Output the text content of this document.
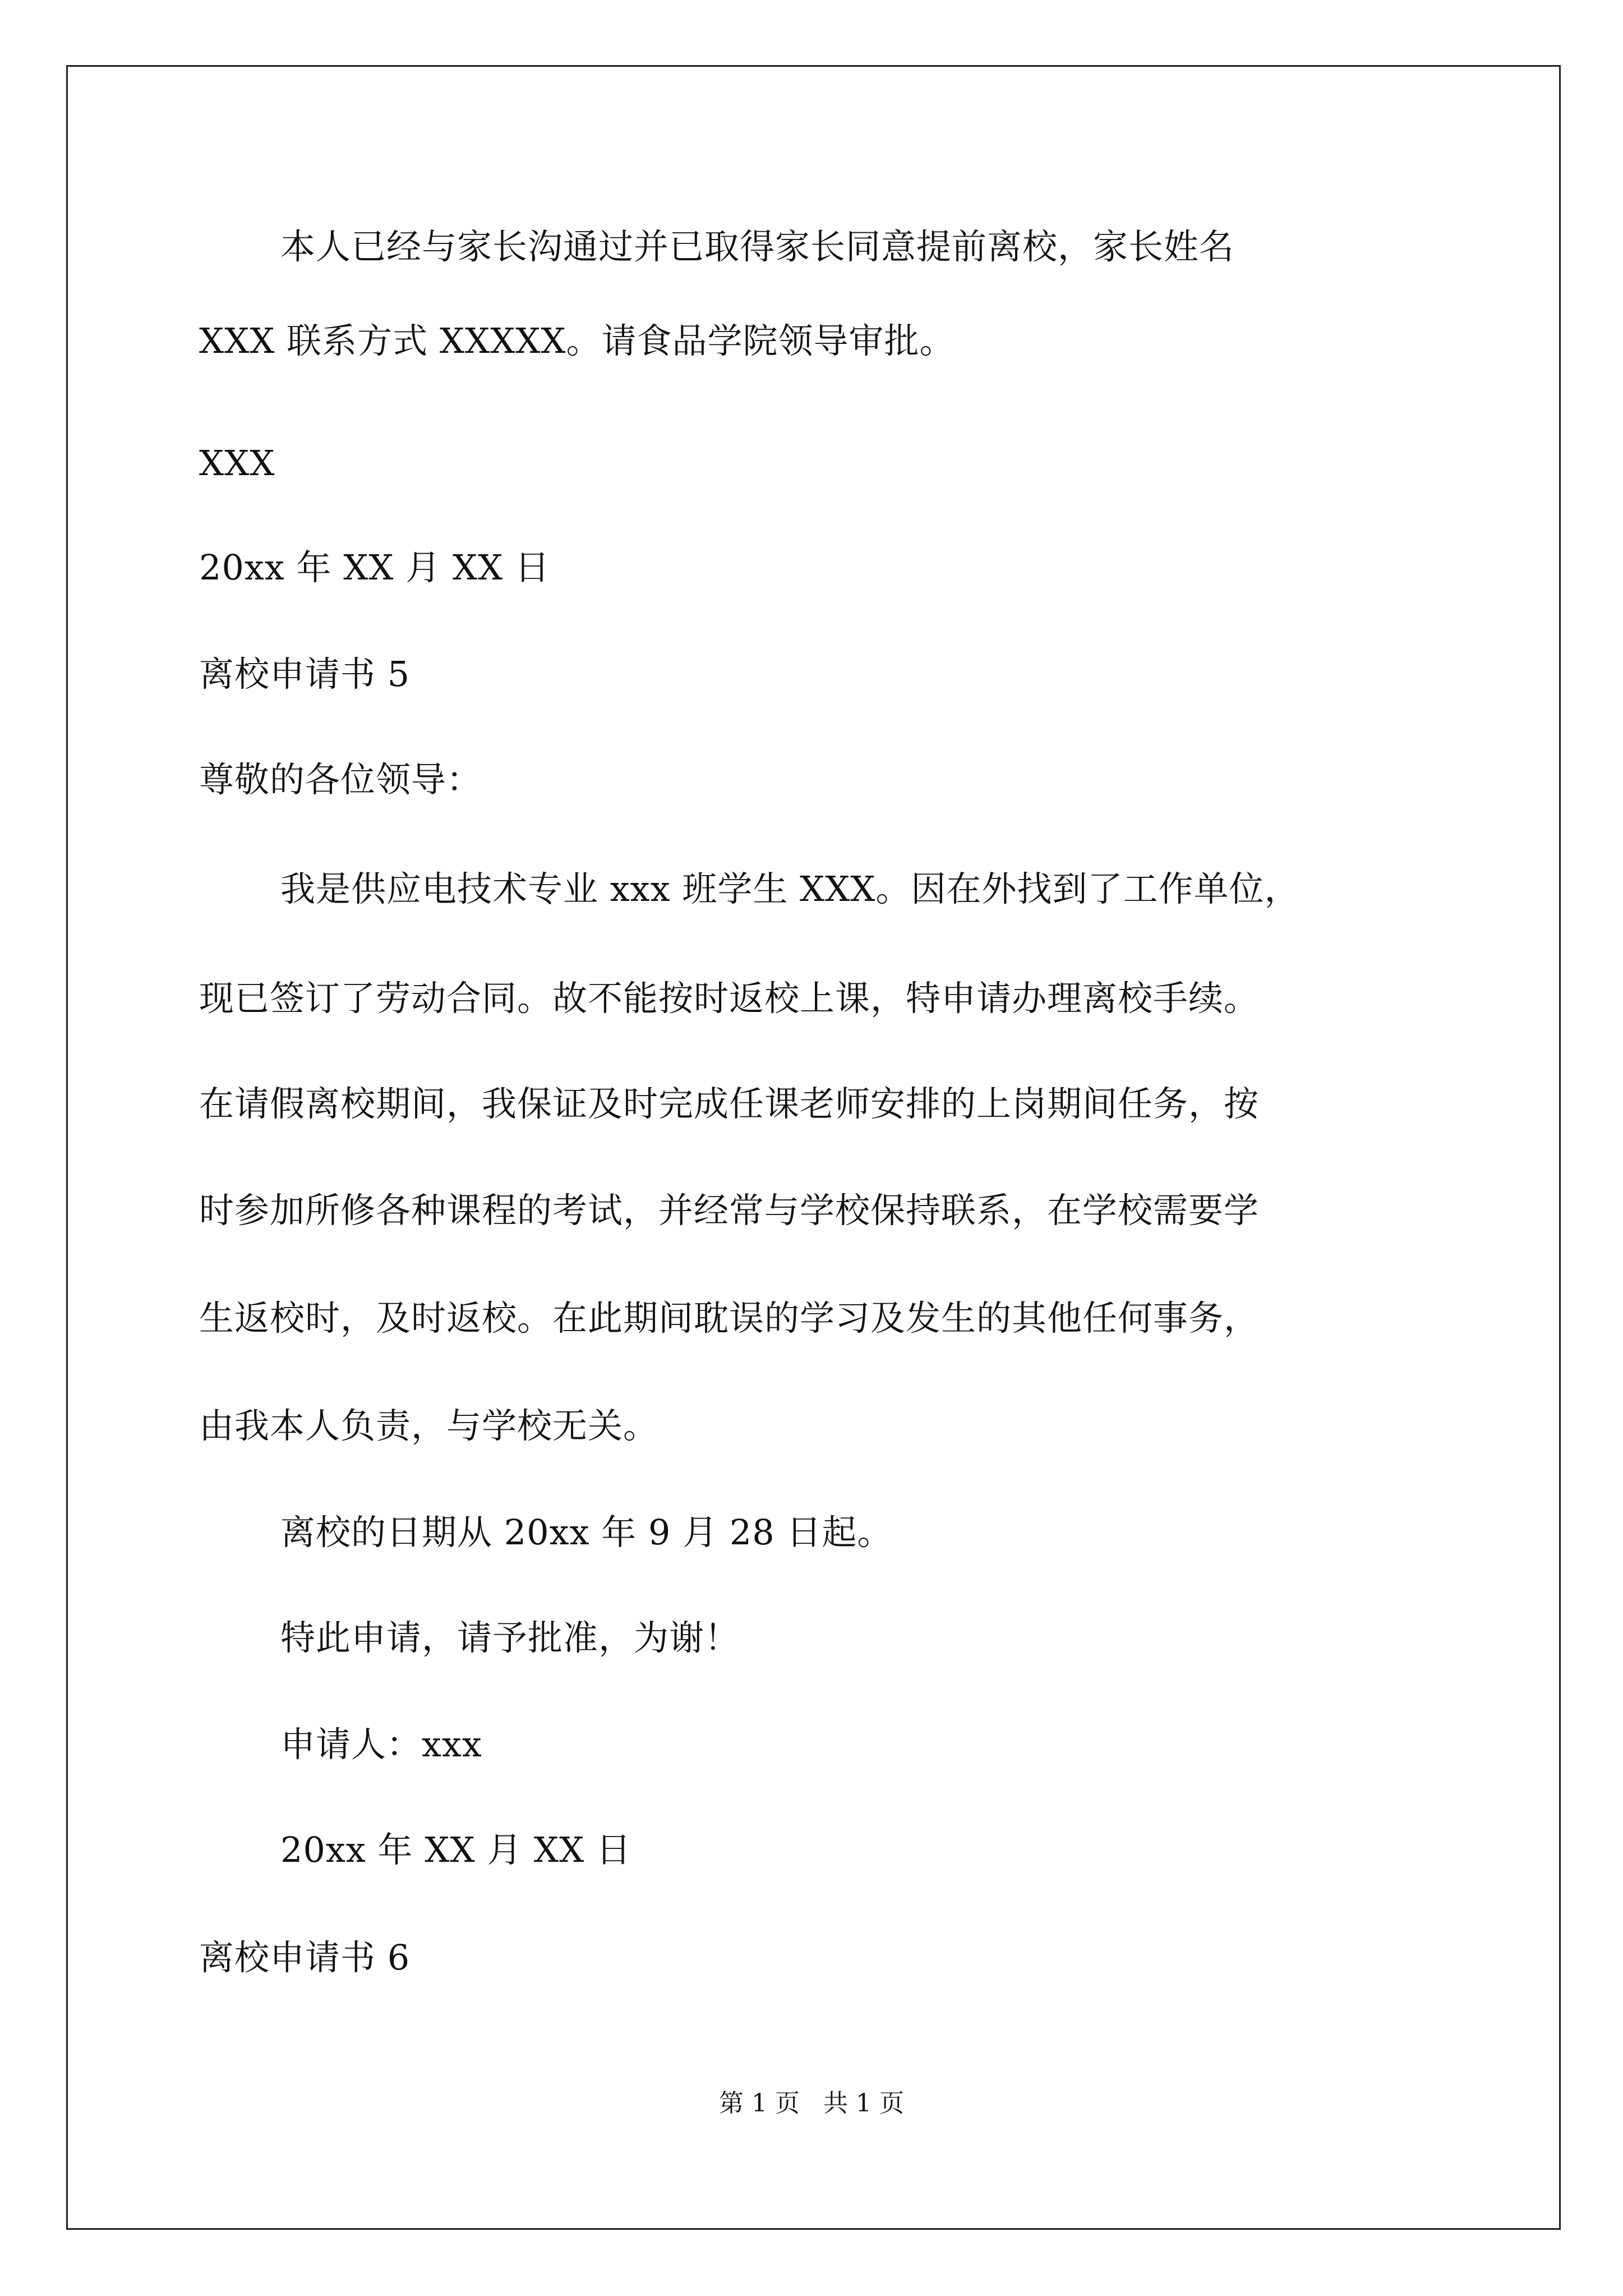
本人已经与家长沟通过并已取得家长同意提前离校，家长姓名
XXX 联系方式 XXXXX。请食品学院领导审批。
XXX
20xx 年 XX 月 XX 日
离校申请书 5
尊敬的各位领导：
我是供应电技术专业 xxx 班学生 XXX。因在外找到了工作单位，
现已签订了劳动合同。故不能按时返校上课，特申请办理离校手续。
在请假离校期间，我保证及时完成任课老师安排的上岗期间任务，按
时参加所修各种课程的考试，并经常与学校保持联系，在学校需要学
生返校时，及时返校。在此期间耽误的学习及发生的其他任何事务，
由我本人负责，与学校无关。
离校的日期从 20xx 年 9 月 28 日起。
特此申请，请予批准，为谢！
申请人：xxx
20xx 年 XX 月 XX 日
离校申请书 6
第 1 页   共 1 页
